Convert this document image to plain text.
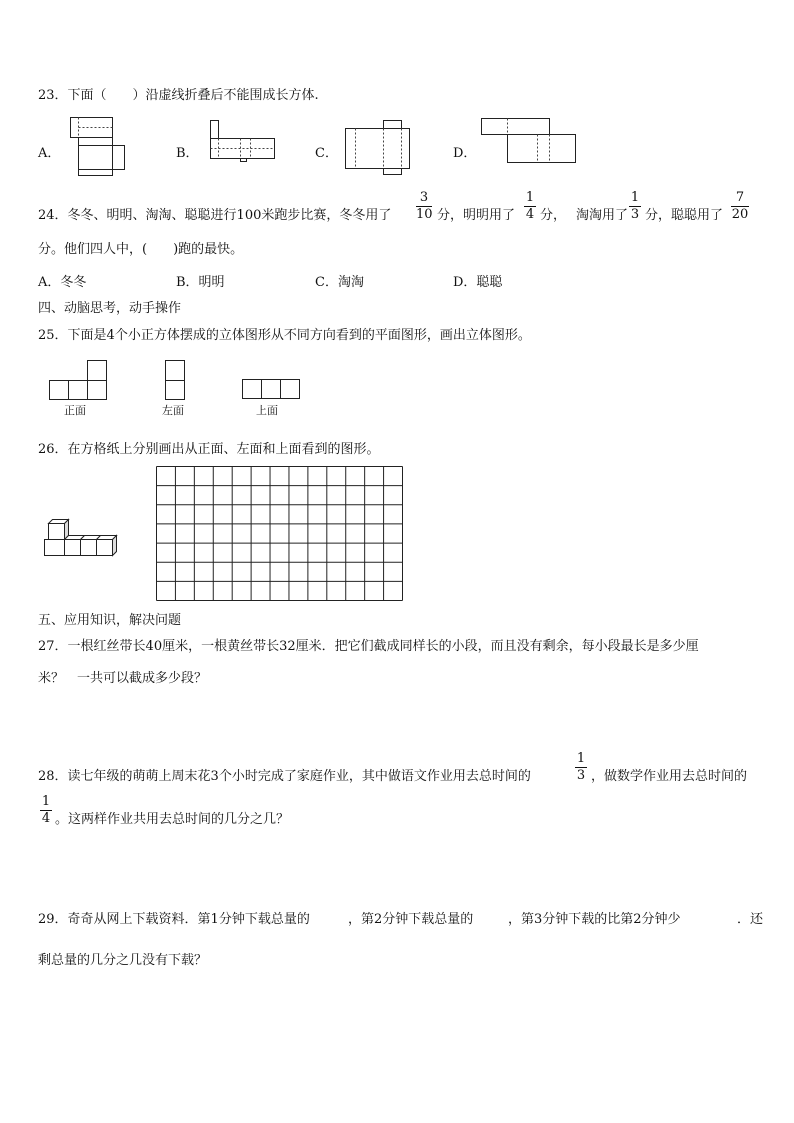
23．下面（　　）沿虚线折叠后不能围成长方体.
A．	B．	C．	D．
24．冬冬、明明、淘淘、聪聪进行100米跑步比赛，冬冬用了
3
10 分，明明用了
1
4 分， 淘淘用了
1
3 分，聪聪用了
7
20
分。他们四人中，(　　)跑的最快。
A．冬冬	B．明明	C．淘淘	D．聪聪
四、动脑思考，动手操作
25．下面是4个小正方体摆成的立体图形从不同方向看到的平面图形，画出立体图形。
正面	左面	上面
26．在方格纸上分别画出从正面、左面和上面看到的图形。
五、应用知识，解决问题
27．一根红丝带长40厘米，一根黄丝带长32厘米．把它们截成同样长的小段，而且没有剩余，每小段最长是多少厘
米？　一共可以截成多少段？
28．读七年级的萌萌上周末花3个小时完成了家庭作业，其中做语文作业用去总时间的
1
3 ，做数学作业用去总时间的
1
4 。这两样作业共用去总时间的几分之几？
29．奇奇从网上下载资料．第1分钟下载总量的	，第2分钟下载总量的	，第3分钟下载的比第2分钟少	．还
剩总量的几分之几没有下载？
